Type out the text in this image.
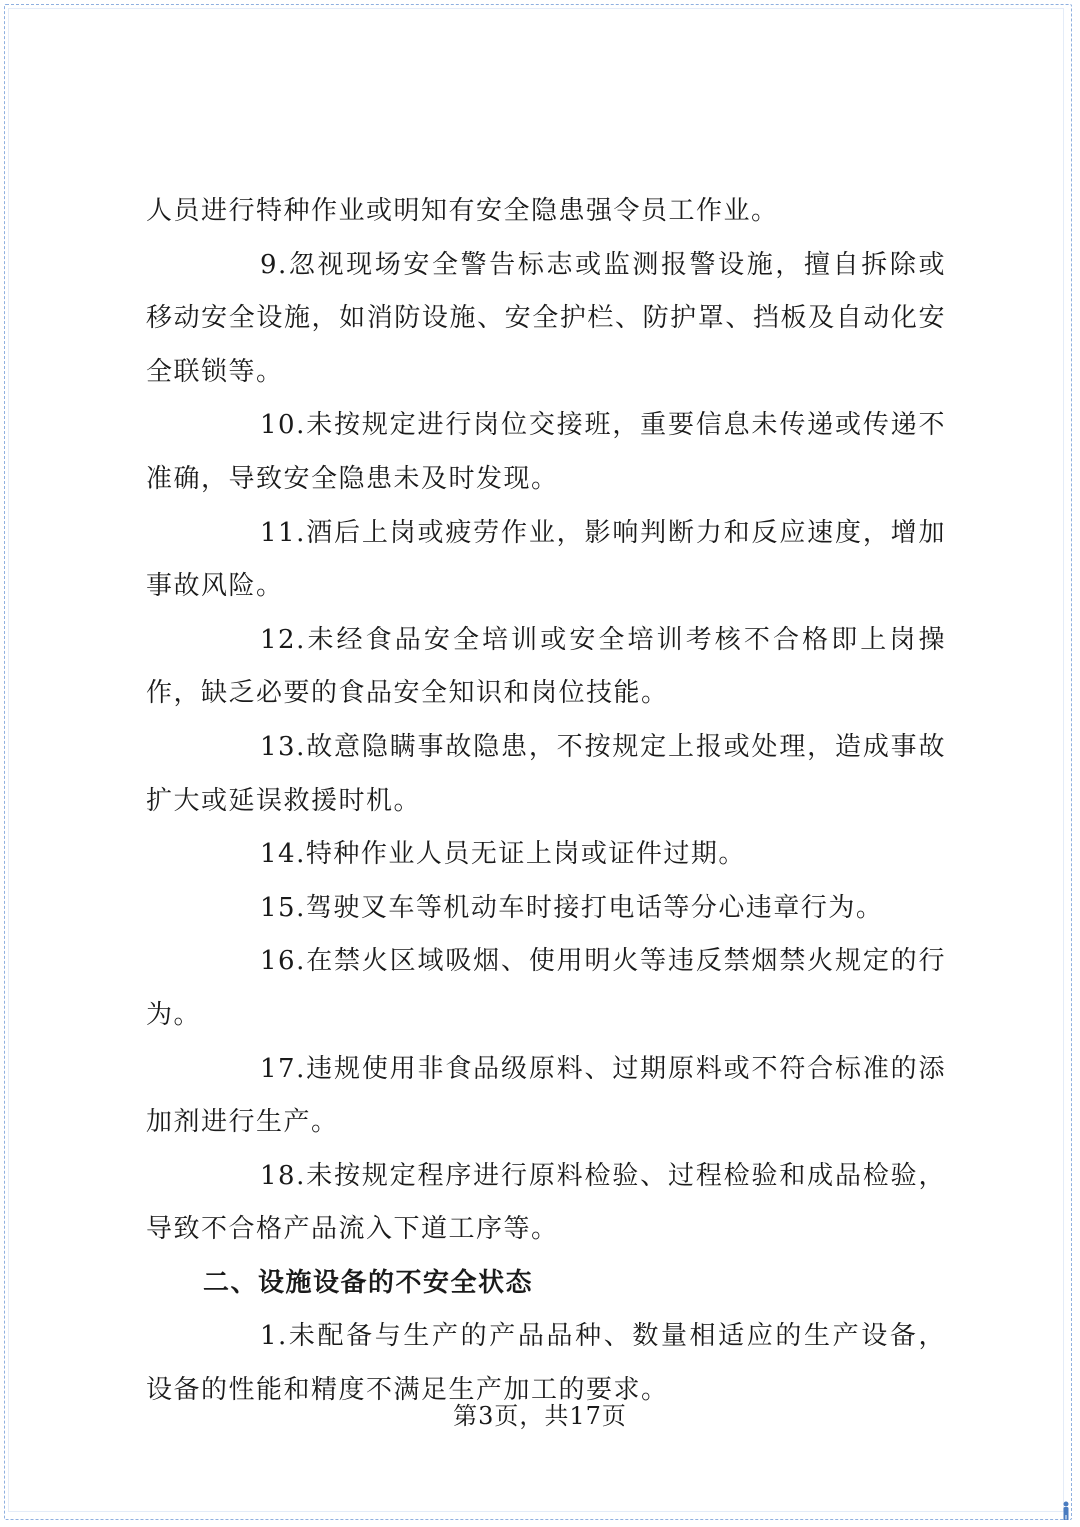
人员进行特种作业或明知有安全隐患强令员工作业。

9.忽视现场安全警告标志或监测报警设施，擅自拆除或移动安全设施，如消防设施、安全护栏、防护罩、挡板及自动化安全联锁等。

10.未按规定进行岗位交接班，重要信息未传递或传递不准确，导致安全隐患未及时发现。

11.酒后上岗或疲劳作业，影响判断力和反应速度，增加事故风险。

12.未经食品安全培训或安全培训考核不合格即上岗操作，缺乏必要的食品安全知识和岗位技能。

13.故意隐瞒事故隐患，不按规定上报或处理，造成事故扩大或延误救援时机。

14.特种作业人员无证上岗或证件过期。

15.驾驶叉车等机动车时接打电话等分心违章行为。

16.在禁火区域吸烟、使用明火等违反禁烟禁火规定的行为。

17.违规使用非食品级原料、过期原料或不符合标准的添加剂进行生产。

18.未按规定程序进行原料检验、过程检验和成品检验，导致不合格产品流入下道工序等。

二、设施设备的不安全状态

1.未配备与生产的产品品种、数量相适应的生产设备，设备的性能和精度不满足生产加工的要求。

第3页，共17页
